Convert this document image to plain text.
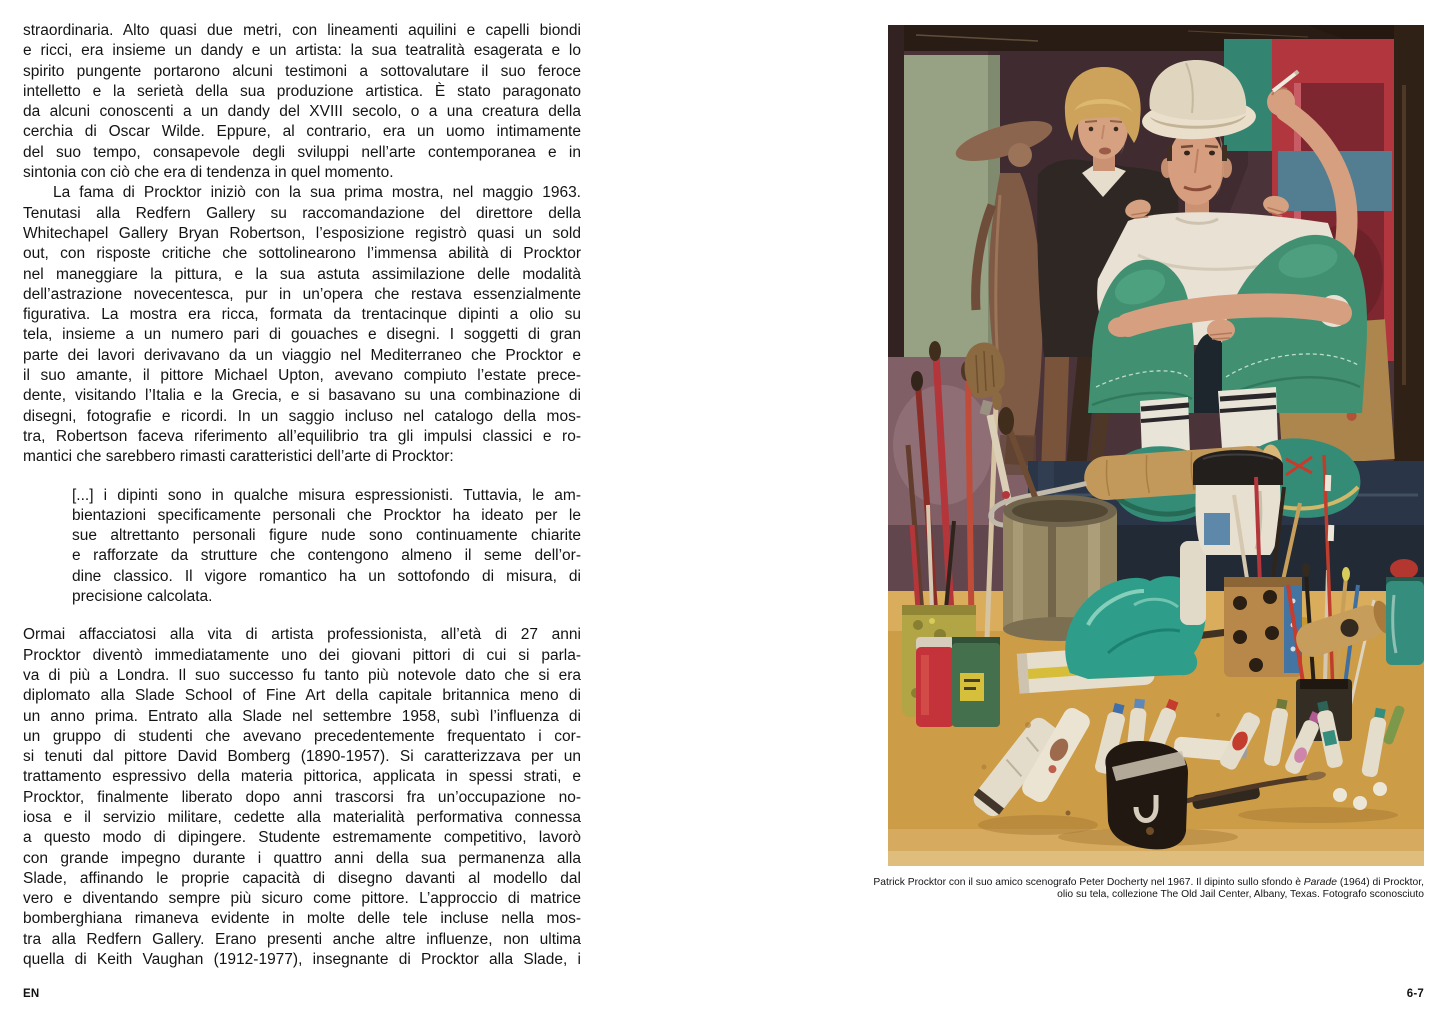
straordinaria. Alto quasi due metri, con lineamenti aquilini e capelli biondi
e ricci, era insieme un dandy e un artista: la sua teatralità esagerata e lo
spirito pungente portarono alcuni testimoni a sottovalutare il suo feroce
intelletto e la serietà della sua produzione artistica. È stato paragonato
da alcuni conoscenti a un dandy del XVIII secolo, o a una creatura della
cerchia di Oscar Wilde. Eppure, al contrario, era un uomo intimamente
del suo tempo, consapevole degli sviluppi nell’arte contemporanea e in
sintonia con ciò che era di tendenza in quel momento.
La fama di Procktor iniziò con la sua prima mostra, nel maggio 1963.
Tenutasi alla Redfern Gallery su raccomandazione del direttore della
Whitechapel Gallery Bryan Robertson, l’esposizione registrò quasi un sold
out, con risposte critiche che sottolinearono l’immensa abilità di Procktor
nel maneggiare la pittura, e la sua astuta assimilazione delle modalità
dell’astrazione novecentesca, pur in un’opera che restava essenzialmente
figurativa. La mostra era ricca, formata da trentacinque dipinti a olio su
tela, insieme a un numero pari di gouaches e disegni. I soggetti di gran
parte dei lavori derivavano da un viaggio nel Mediterraneo che Procktor e
il suo amante, il pittore Michael Upton, avevano compiuto l’estate prece-
dente, visitando l’Italia e la Grecia, e si basavano su una combinazione di
disegni, fotografie e ricordi. In un saggio incluso nel catalogo della mos-
tra, Robertson faceva riferimento all’equilibrio tra gli impulsi classici e ro-
mantici che sarebbero rimasti caratteristici dell’arte di Procktor:
[...] i dipinti sono in qualche misura espressionisti. Tuttavia, le am-
bientazioni specificamente personali che Procktor ha ideato per le
sue altrettanto personali figure nude sono continuamente chiarite
e rafforzate da strutture che contengono almeno il seme dell’or-
dine classico. Il vigore romantico ha un sottofondo di misura, di
precisione calcolata.
Ormai affacciatosi alla vita di artista professionista, all’età di 27 anni
Procktor diventò immediatamente uno dei giovani pittori di cui si parla-
va di più a Londra. Il suo successo fu tanto più notevole dato che si era
diplomato alla Slade School of Fine Art della capitale britannica meno di
un anno prima. Entrato alla Slade nel settembre 1958, subì l’influenza di
un gruppo di studenti che avevano precedentemente frequentato i cor-
si tenuti dal pittore David Bomberg (1890-1957). Si caratterizzava per un
trattamento espressivo della materia pittorica, applicata in spessi strati, e
Procktor, finalmente liberato dopo anni trascorsi fra un’occupazione no-
iosa e il servizio militare, cedette alla materialità performativa connessa
a questo modo di dipingere. Studente estremamente competitivo, lavorò
con grande impegno durante i quattro anni della sua permanenza alla
Slade, affinando le proprie capacità di disegno davanti al modello dal
vero e diventando sempre più sicuro come pittore. L’approccio di matrice
bomberghiana rimaneva evidente in molte delle tele incluse nella mos-
tra alla Redfern Gallery. Erano presenti anche altre influenze, non ultima
quella di Keith Vaughan (1912-1977), insegnante di Procktor alla Slade, i
Patrick Procktor con il suo amico scenografo Peter Docherty nel 1967. Il dipinto sullo sfondo è Parade (1964) di Procktor,
olio su tela, collezione The Old Jail Center, Albany, Texas. Fotografo sconosciuto
EN	6-7
